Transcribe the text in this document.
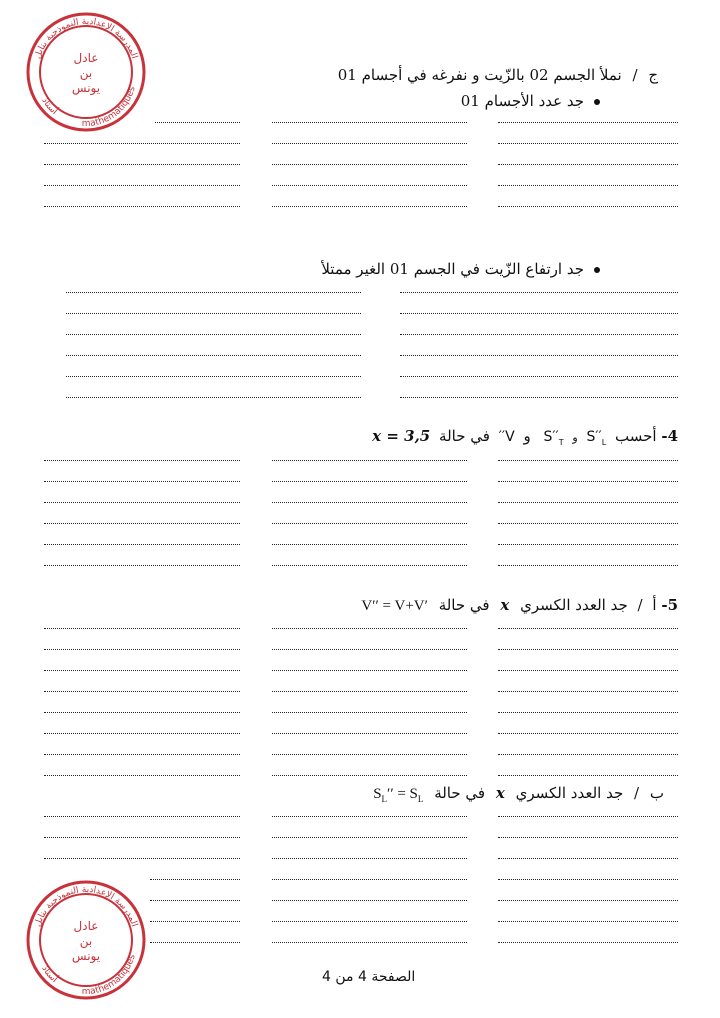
المدرسة الإعدادية النموذجية بنابل
mathematiques
أستاذ
عادل
بن
يونس
ج / نملأ الجسم 02 بالزّيت و نفرغه في أجسام 01
جد عدد الأجسام 01
جد ارتفاع الزّيت في الجسم 01 الغير ممتلأ
4- أحسب $S''_L$ و $S''_T$ و V′′ في حالة 𝒙 = 3,5
5- أ / جد العدد الكسري 𝒙 في حالة V′′ = V+V′
ب / جد العدد الكسري 𝒙 في حالة $S_L'' = S_L$
المدرسة الإعدادية النموذجية بنابل
mathematiques
أستاذ
عادل
بن
يونس
الصفحة 4 من 4
